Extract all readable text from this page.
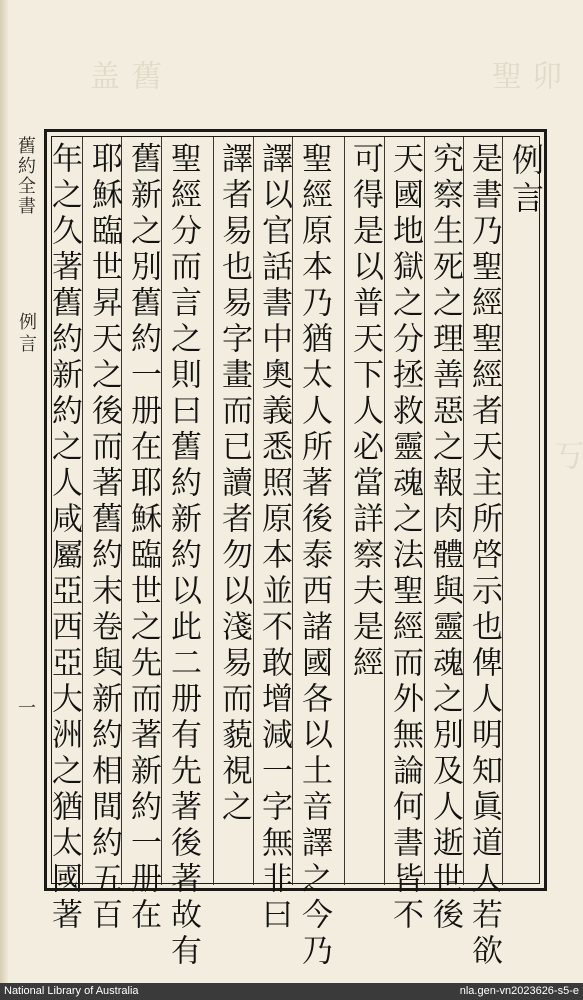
卯
聖
舊
盖
丂
例言
是書乃聖經聖經者天主所啓示也俾人明知眞道人若欲
究察生死之理善惡之報肉體與靈魂之別及人逝世後
天國地獄之分拯救靈魂之法聖經而外無論何書皆不
可得是以普天下人必當詳察夫是經
聖經原本乃猶太人所著後泰西諸國各以土音譯之今乃
譯以官話書中奧義悉照原本並不敢增減一字無非曰
譯者易也易字畫而已讀者勿以淺易而藐視之
聖經分而言之則曰舊約新約以此二册有先著後著故有
舊新之別舊約一册在耶穌臨世之先而著新約一册在
耶穌臨世昇天之後而著舊約末卷與新約相間約五百
年之久著舊約新約之人咸屬亞西亞大洲之猶太國著
舊約全書
例言
一
National Library of Australia	nla.gen-vn2023626-s5-e
